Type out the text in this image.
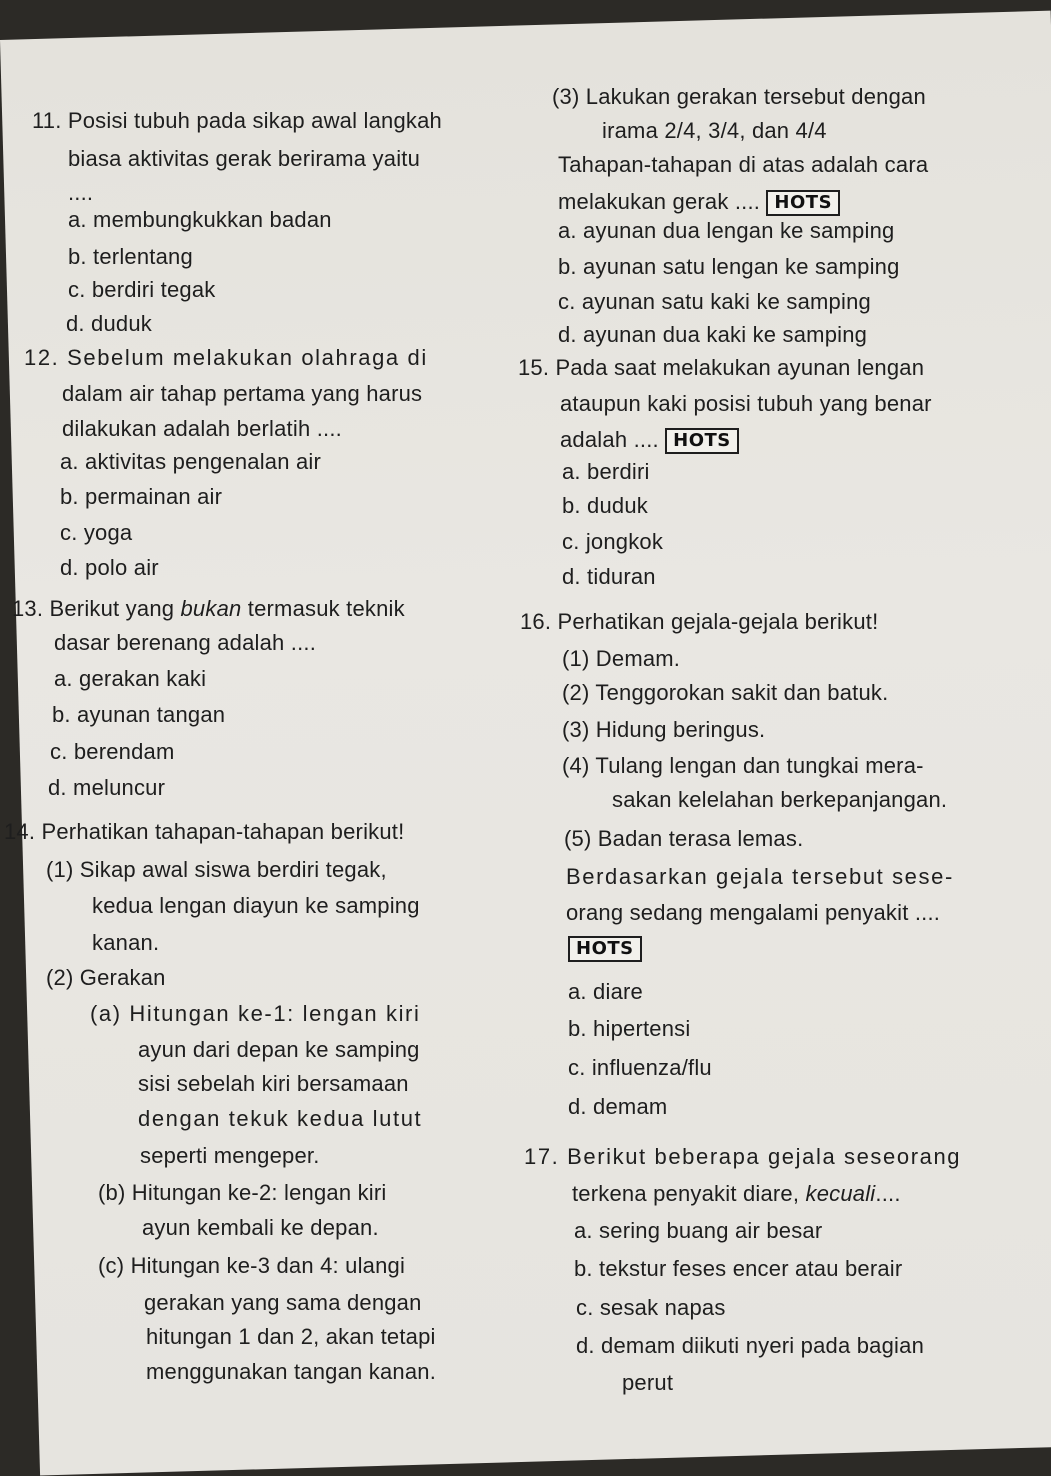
11. Posisi tubuh pada sikap awal langkah
biasa aktivitas gerak berirama yaitu
....
a. membungkukkan badan
b. terlentang
c. berdiri tegak
d. duduk
12. Sebelum melakukan olahraga di
dalam air tahap pertama yang harus
dilakukan adalah berlatih ....
a. aktivitas pengenalan air
b. permainan air
c. yoga
d. polo air
13. Berikut yang bukan termasuk teknik
dasar berenang adalah ....
a. gerakan kaki
b. ayunan tangan
c. berendam
d. meluncur
14. Perhatikan tahapan-tahapan berikut!
(1) Sikap awal siswa berdiri tegak,
kedua lengan diayun ke samping
kanan.
(2) Gerakan
(a) Hitungan ke-1: lengan kiri
ayun dari depan ke samping
sisi sebelah kiri bersamaan
dengan tekuk kedua lutut
seperti mengeper.
(b) Hitungan ke-2: lengan kiri
ayun kembali ke depan.
(c) Hitungan ke-3 dan 4: ulangi
gerakan yang sama dengan
hitungan 1 dan 2, akan tetapi
menggunakan tangan kanan.
(3) Lakukan gerakan tersebut dengan
irama 2/4, 3/4, dan 4/4
Tahapan-tahapan di atas adalah cara
melakukan gerak .... HOTS
a. ayunan dua lengan ke samping
b. ayunan satu lengan ke samping
c. ayunan satu kaki ke samping
d. ayunan dua kaki ke samping
15. Pada saat melakukan ayunan lengan
ataupun kaki posisi tubuh yang benar
adalah .... HOTS
a. berdiri
b. duduk
c. jongkok
d. tiduran
16. Perhatikan gejala-gejala berikut!
(1) Demam.
(2) Tenggorokan sakit dan batuk.
(3) Hidung beringus.
(4) Tulang lengan dan tungkai mera-
sakan kelelahan berkepanjangan.
(5) Badan terasa lemas.
Berdasarkan gejala tersebut sese-
orang sedang mengalami penyakit ....
HOTS
a. diare
b. hipertensi
c. influenza/flu
d. demam
17. Berikut beberapa gejala seseorang
terkena penyakit diare, kecuali....
a. sering buang air besar
b. tekstur feses encer atau berair
c. sesak napas
d. demam diikuti nyeri pada bagian
perut
